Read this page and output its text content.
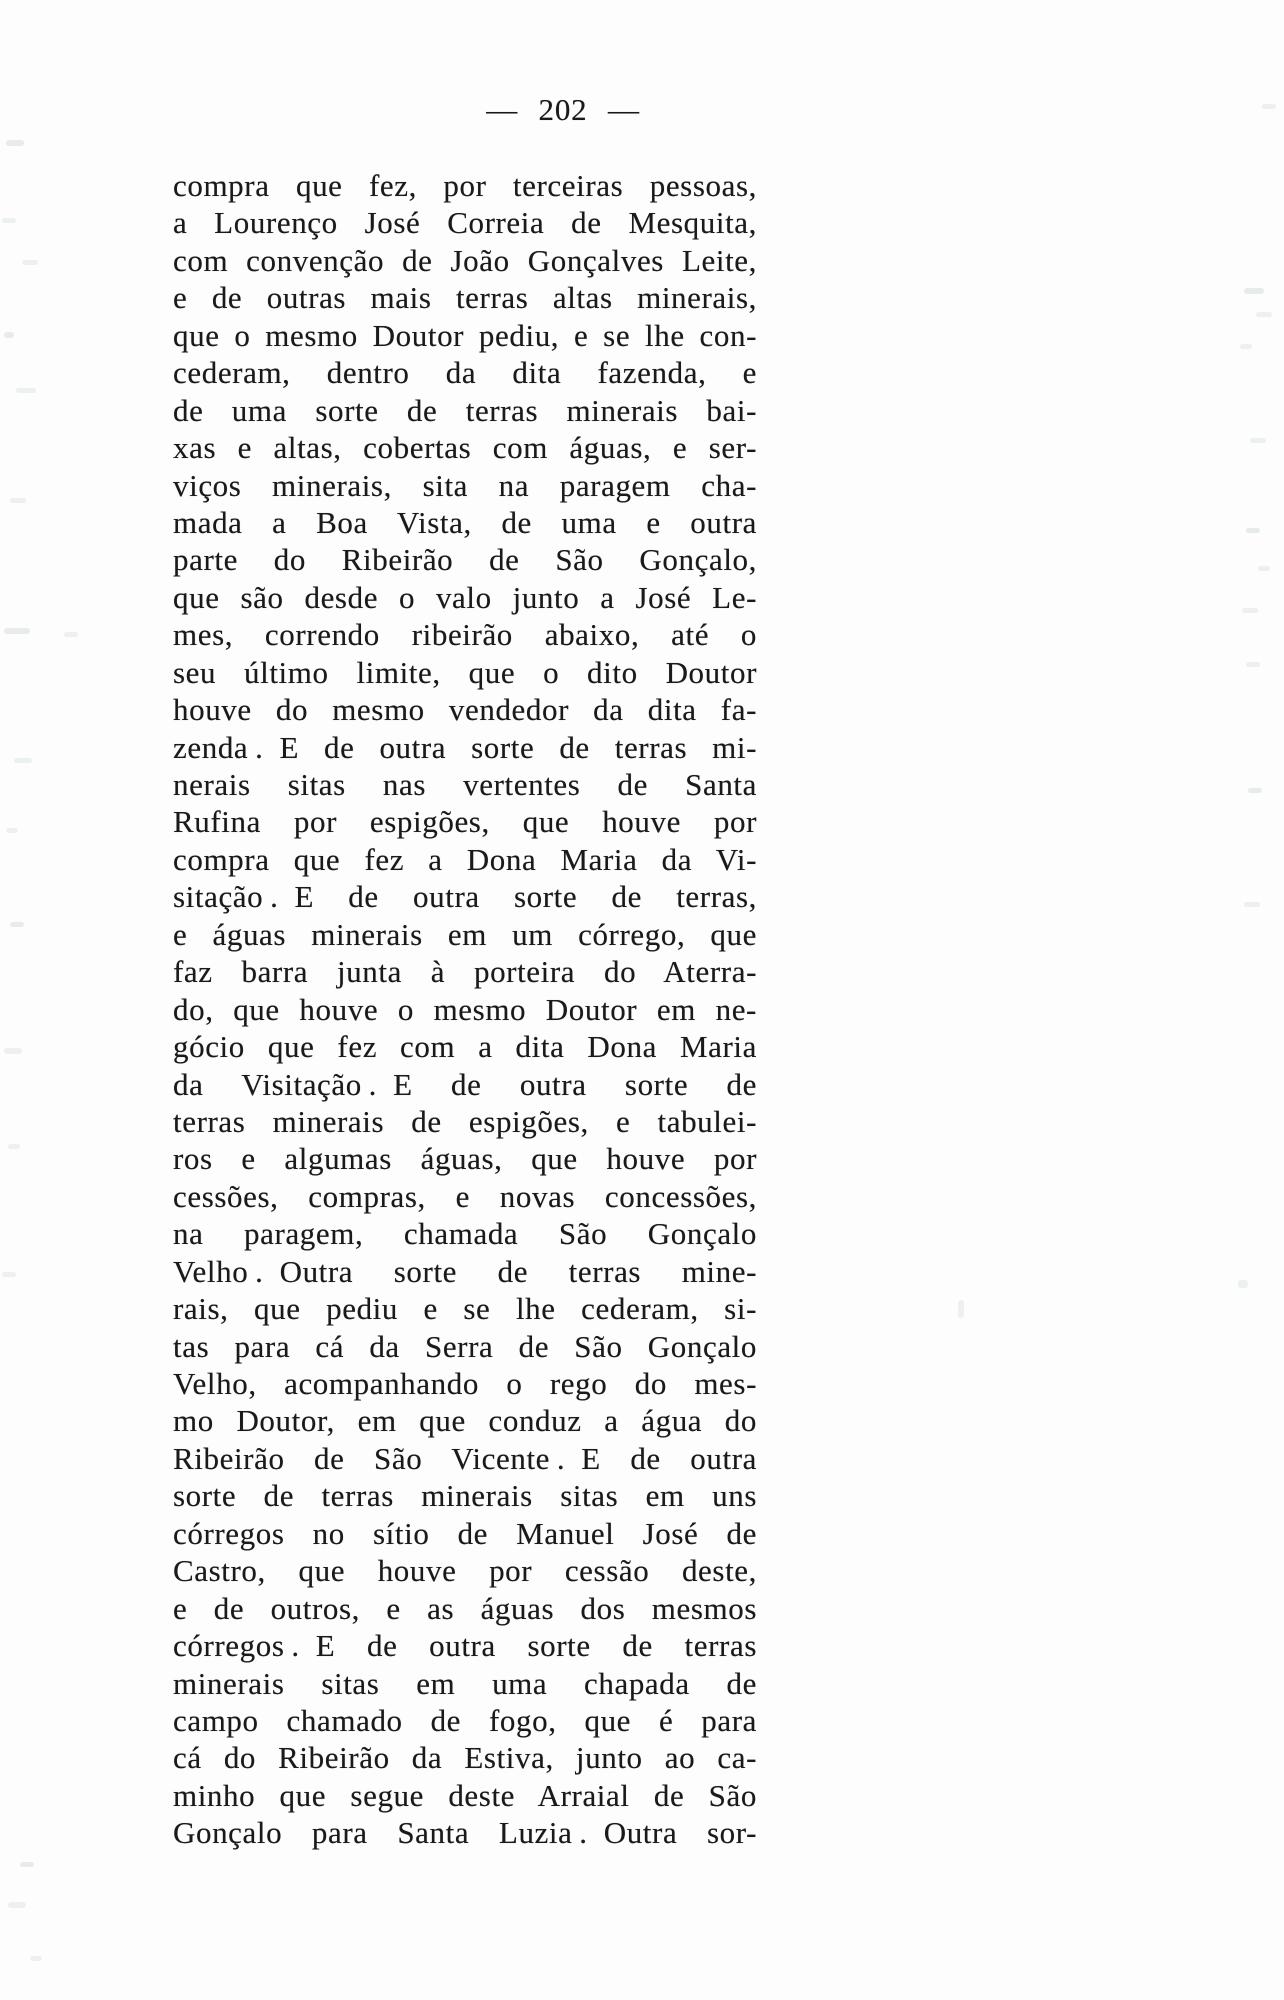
— 202 —
compra que fez, por terceiras pessoas,
a Lourenço José Correia de Mesquita,
com convenção de João Gonçalves Leite,
e de outras mais terras altas minerais,
que o mesmo Doutor pediu, e se lhe con-
cederam, dentro da dita fazenda, e
de uma sorte de terras minerais bai-
xas e altas, cobertas com águas, e ser-
viços minerais, sita na paragem cha-
mada a Boa Vista, de uma e outra
parte do Ribeirão de São Gonçalo,
que são desde o valo junto a José Le-
mes, correndo ribeirão abaixo, até o
seu último limite, que o dito Doutor
houve do mesmo vendedor da dita fa-
zenda . E de outra sorte de terras mi-
nerais sitas nas vertentes de Santa
Rufina por espigões, que houve por
compra que fez a Dona Maria da Vi-
sitação . E de outra sorte de terras,
e águas minerais em um córrego, que
faz barra junta à porteira do Aterra-
do, que houve o mesmo Doutor em ne-
gócio que fez com a dita Dona Maria
da Visitação . E de outra sorte de
terras minerais de espigões, e tabulei-
ros e algumas águas, que houve por
cessões, compras, e novas concessões,
na paragem, chamada São Gonçalo
Velho . Outra sorte de terras mine-
rais, que pediu e se lhe cederam, si-
tas para cá da Serra de São Gonçalo
Velho, acompanhando o rego do mes-
mo Doutor, em que conduz a água do
Ribeirão de São Vicente . E de outra
sorte de terras minerais sitas em uns
córregos no sítio de Manuel José de
Castro, que houve por cessão deste,
e de outros, e as águas dos mesmos
córregos . E de outra sorte de terras
minerais sitas em uma chapada de
campo chamado de fogo, que é para
cá do Ribeirão da Estiva, junto ao ca-
minho que segue deste Arraial de São
Gonçalo para Santa Luzia . Outra sor-
